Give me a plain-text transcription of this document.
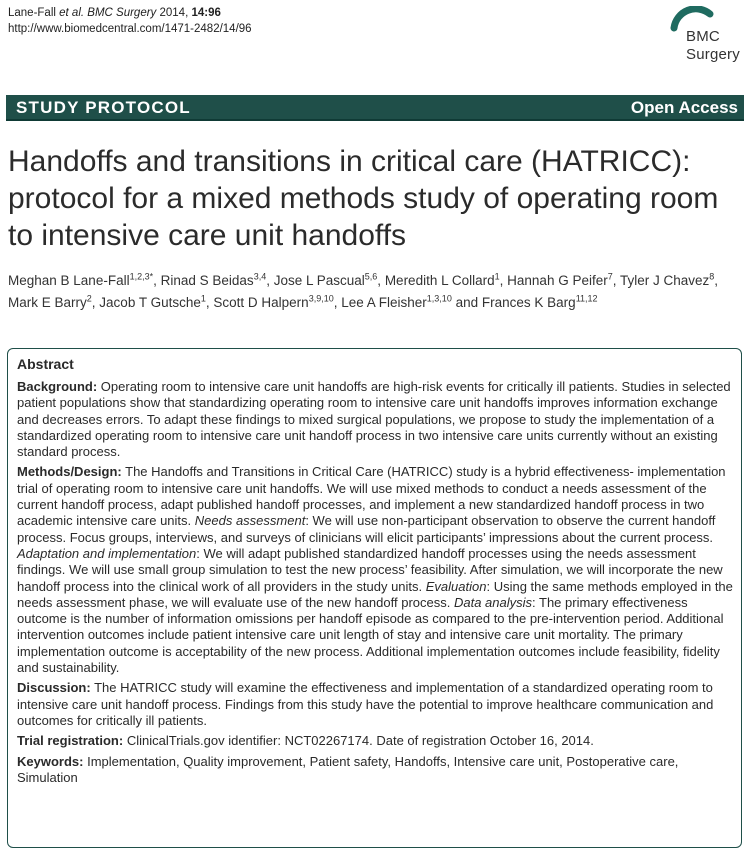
Lane-Fall et al. BMC Surgery 2014, 14:96
http://www.biomedcentral.com/1471-2482/14/96	BMC
Surgery
STUDY PROTOCOL	Open Access
Handoffs and transitions in critical care (HATRICC): protocol for a mixed methods study of operating room to intensive care unit handoffs
Meghan B Lane-Fall$^{1,2,3*}$, Rinad S Beidas$^{3,4}$, Jose L Pascual$^{5,6}$, Meredith L Collard$^1$, Hannah G Peifer$^7$, Tyler J Chavez$^8$, Mark E Barry$^2$, Jacob T Gutsche$^1$, Scott D Halpern$^{3,9,10}$, Lee A Fleisher$^{1,3,10}$ and Frances K Barg$^{11,12}$
Abstract
Background: Operating room to intensive care unit handoffs are high-risk events for critically ill patients. Studies in selected patient populations show that standardizing operating room to intensive care unit handoffs improves information exchange and decreases errors. To adapt these findings to mixed surgical populations, we propose to study the implementation of a standardized operating room to intensive care unit handoff process in two intensive care units currently without an existing standard process.
Methods/Design: The Handoffs and Transitions in Critical Care (HATRICC) study is a hybrid effectiveness- implementation trial of operating room to intensive care unit handoffs. We will use mixed methods to conduct a needs assessment of the current handoff process, adapt published handoff processes, and implement a new standardized handoff process in two academic intensive care units. Needs assessment: We will use non-participant observation to observe the current handoff process. Focus groups, interviews, and surveys of clinicians will elicit participants’ impressions about the current process. Adaptation and implementation: We will adapt published standardized handoff processes using the needs assessment findings. We will use small group simulation to test the new process’ feasibility. After simulation, we will incorporate the new handoff process into the clinical work of all providers in the study units. Evaluation: Using the same methods employed in the needs assessment phase, we will evaluate use of the new handoff process. Data analysis: The primary effectiveness outcome is the number of information omissions per handoff episode as compared to the pre-intervention period. Additional intervention outcomes include patient intensive care unit length of stay and intensive care unit mortality. The primary implementation outcome is acceptability of the new process. Additional implementation outcomes include feasibility, fidelity and sustainability.
Discussion: The HATRICC study will examine the effectiveness and implementation of a standardized operating room to intensive care unit handoff process. Findings from this study have the potential to improve healthcare communication and outcomes for critically ill patients.
Trial registration: ClinicalTrials.gov identifier: NCT02267174. Date of registration October 16, 2014.
Keywords: Implementation, Quality improvement, Patient safety, Handoffs, Intensive care unit, Postoperative care, Simulation
